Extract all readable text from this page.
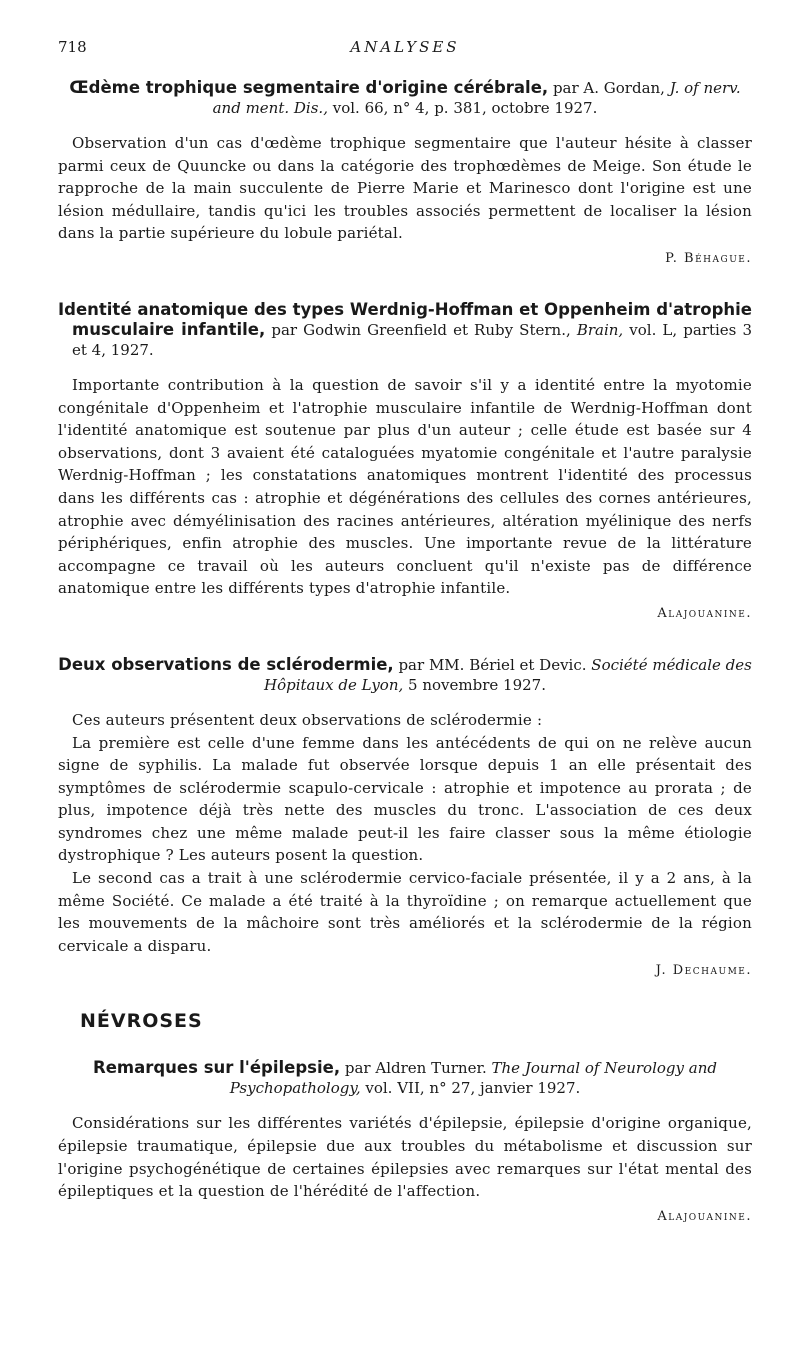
718	ANALYSES

Œdème trophique segmentaire d'origine cérébrale, par A. Gordan, J. of nerv. and ment. Dis., vol. 66, n° 4, p. 381, octobre 1927.

Observation d'un cas d'œdème trophique segmentaire que l'auteur hésite à classer parmi ceux de Quuncke ou dans la catégorie des trophœdèmes de Meige. Son étude le rapproche de la main succulente de Pierre Marie et Marinesco dont l'origine est une lésion médullaire, tandis qu'ici les troubles associés permettent de localiser la lésion dans la partie supérieure du lobule pariétal.

P. Béhague.

Identité anatomique des types Werdnig-Hoffman et Oppenheim d'atrophie musculaire infantile, par Godwin Greenfield et Ruby Stern., Brain, vol. L, parties 3 et 4, 1927.

Importante contribution à la question de savoir s'il y a identité entre la myotomie congénitale d'Oppenheim et l'atrophie musculaire infantile de Werdnig-Hoffman dont l'identité anatomique est soutenue par plus d'un auteur ; celle étude est basée sur 4 observations, dont 3 avaient été cataloguées myatomie congénitale et l'autre paralysie Werdnig-Hoffman ; les constatations anatomiques montrent l'identité des processus dans les différents cas : atrophie et dégénérations des cellules des cornes antérieures, atrophie avec démyélinisation des racines antérieures, altération myélinique des nerfs périphériques, enfin atrophie des muscles. Une importante revue de la littérature accompagne ce travail où les auteurs concluent qu'il n'existe pas de différence anatomique entre les différents types d'atrophie infantile.

Alajouanine.

Deux observations de sclérodermie, par MM. Bériel et Devic. Société médicale des Hôpitaux de Lyon, 5 novembre 1927.

Ces auteurs présentent deux observations de sclérodermie :

La première est celle d'une femme dans les antécédents de qui on ne relève aucun signe de syphilis. La malade fut observée lorsque depuis 1 an elle présentait des symptômes de sclérodermie scapulo-cervicale : atrophie et impotence au prorata ; de plus, impotence déjà très nette des muscles du tronc. L'association de ces deux syndromes chez une même malade peut-il les faire classer sous la même étiologie dystrophique ? Les auteurs posent la question.

Le second cas a trait à une sclérodermie cervico-faciale présentée, il y a 2 ans, à la même Société. Ce malade a été traité à la thyroïdine ; on remarque actuellement que les mouvements de la mâchoire sont très améliorés et la sclérodermie de la région cervicale a disparu.

J. Dechaume.

NÉVROSES

Remarques sur l'épilepsie, par Aldren Turner. The Journal of Neurology and Psychopathology, vol. VII, n° 27, janvier 1927.

Considérations sur les différentes variétés d'épilepsie, épilepsie d'origine organique, épilepsie traumatique, épilepsie due aux troubles du métabolisme et discussion sur l'origine psychogénétique de certaines épilepsies avec remarques sur l'état mental des épileptiques et la question de l'hérédité de l'affection.

Alajouanine.
